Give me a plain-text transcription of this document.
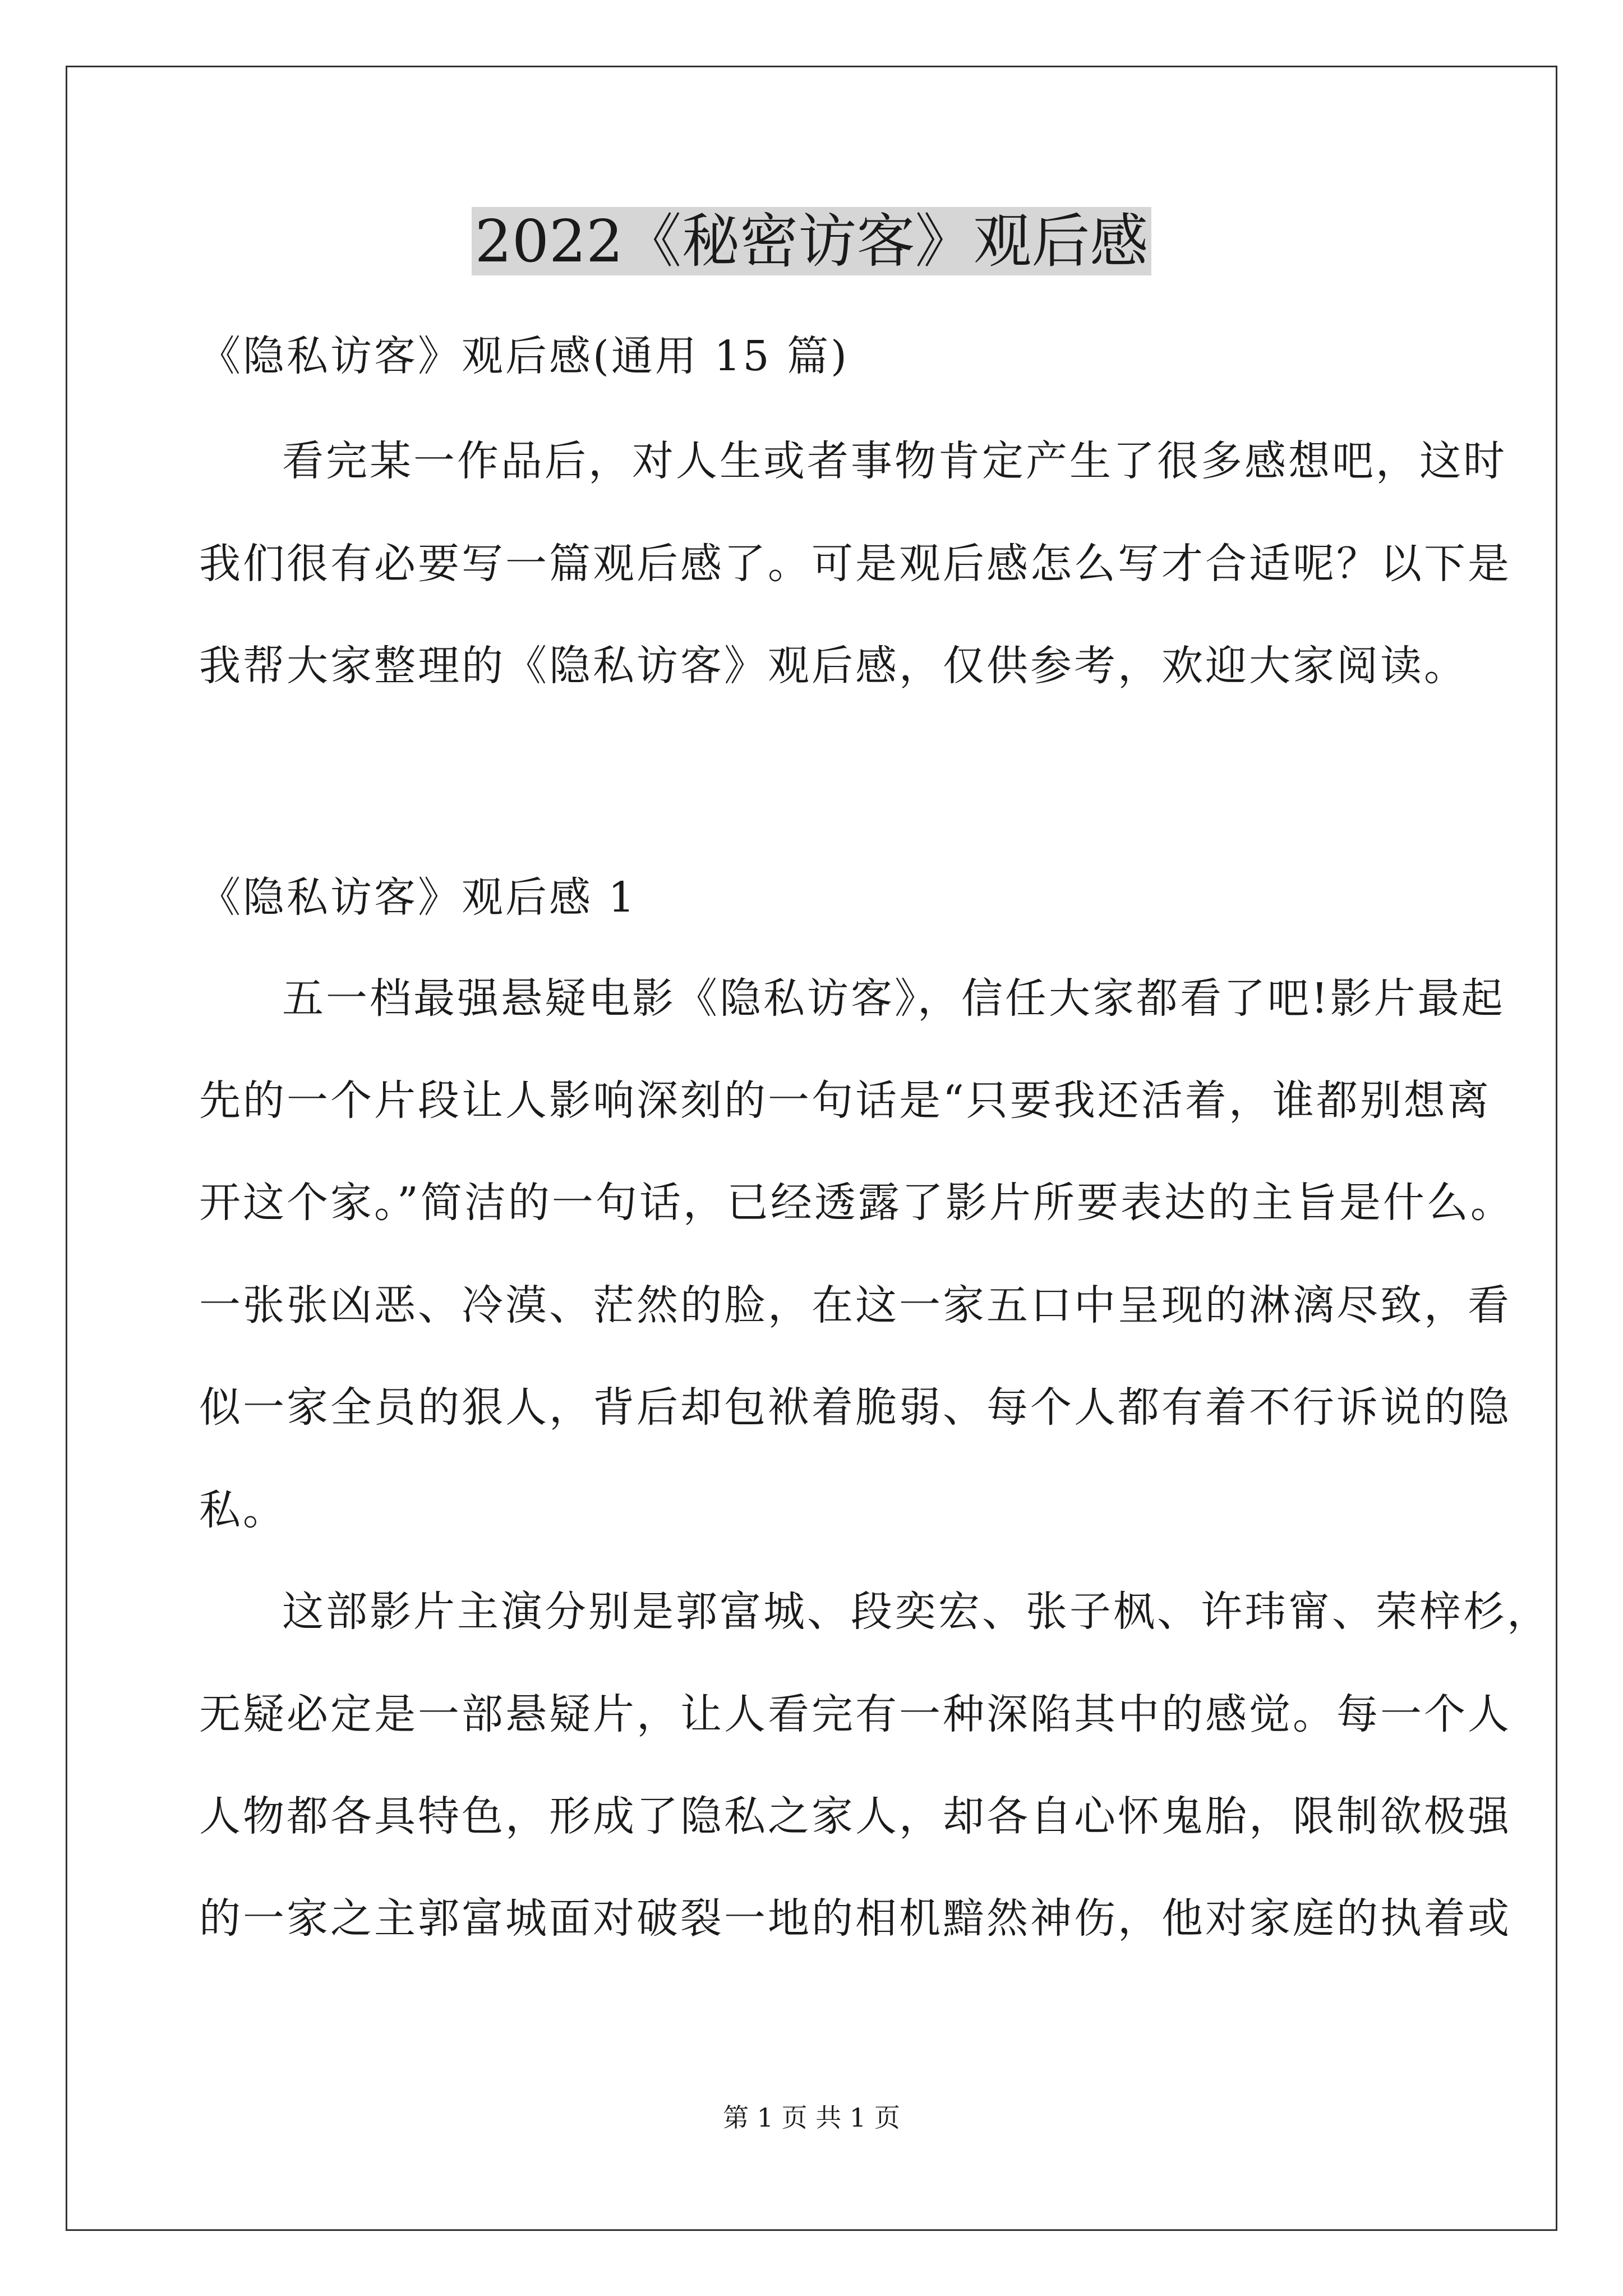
2022《秘密访客》观后感
《隐私访客》观后感(通用 15 篇)
看完某一作品后，对人生或者事物肯定产生了很多感想吧，这时
我们很有必要写一篇观后感了。可是观后感怎么写才合适呢？以下是
我帮大家整理的《隐私访客》观后感，仅供参考，欢迎大家阅读。
《隐私访客》观后感 1
五一档最强悬疑电影《隐私访客》，信任大家都看了吧!影片最起
先的一个片段让人影响深刻的一句话是“只要我还活着，谁都别想离
开这个家。”简洁的一句话，已经透露了影片所要表达的主旨是什么。
一张张凶恶、冷漠、茫然的脸，在这一家五口中呈现的淋漓尽致，看
似一家全员的狠人，背后却包袱着脆弱、每个人都有着不行诉说的隐
私。
这部影片主演分别是郭富城、段奕宏、张子枫、许玮甯、荣梓杉，
无疑必定是一部悬疑片，让人看完有一种深陷其中的感觉。每一个人
人物都各具特色，形成了隐私之家人，却各自心怀鬼胎，限制欲极强
的一家之主郭富城面对破裂一地的相机黯然神伤，他对家庭的执着或
第 1 页 共 1 页
